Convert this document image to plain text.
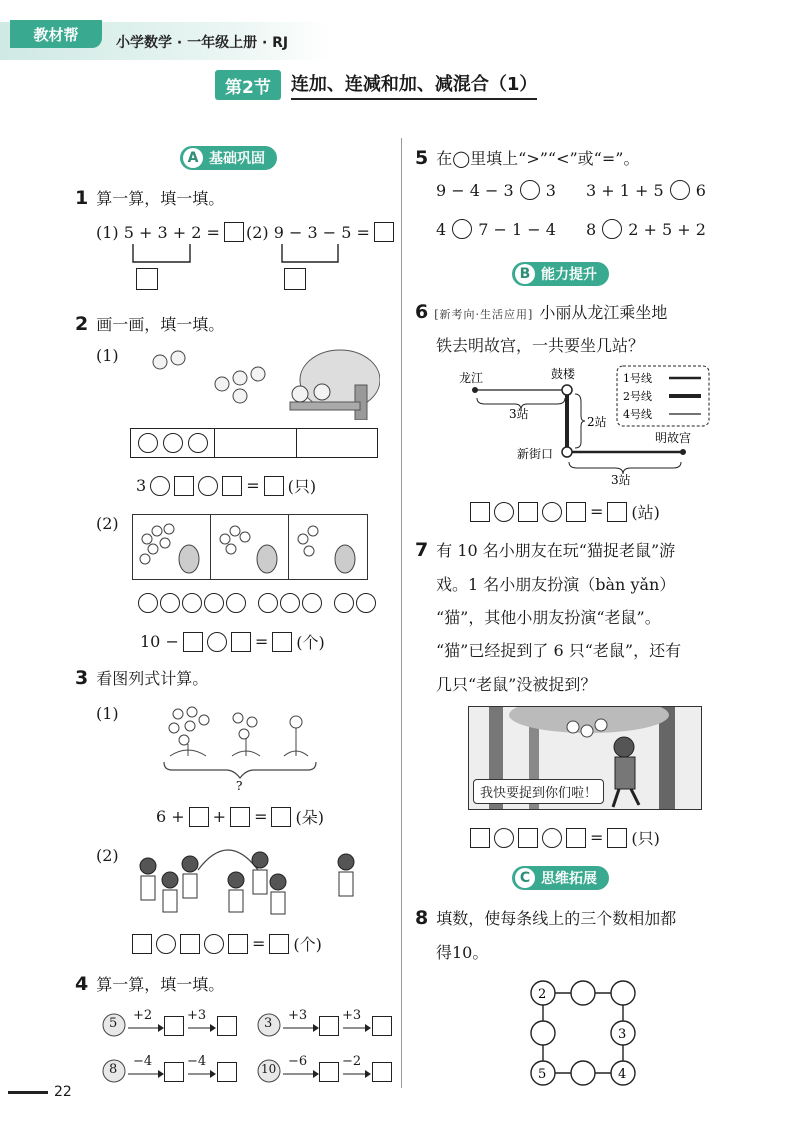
教材帮	小学数学 · 一年级上册 · RJ
第2节	连加、连减和加、减混合（1）
A 基础巩固
1 算一算，填一填。
(1) 5 + 3 + 2 = (2) 9 − 3 − 5 =
2 画一画，填一填。
(1)
3	= (只)
(2)
10 −	= (个)
3 看图列式计算。
(1)
?
6 + + = (朵)
(2)
= (个)
4 算一算，填一填。
5
+2	+3
3
+3	+3
8
−4	−4	10 −6	−2
22
5 在◯里填上“>”“<”或“=”。
9 − 4 − 3 3 3 + 1 + 5 6
4 7 − 1 − 4 8 2 + 5 + 2
B 能力提升
6 [新考向·生活应用] 小丽从龙江乘坐地
铁去明故宫，一共要坐几站？
龙江	鼓楼
新街口
明故宫
3站
2站
3站
1号线
2号线
4号线
= (站)
7 有 10 名小朋友在玩“猫捉老鼠”游
戏。1 名小朋友扮演（bàn yǎn）
“猫”，其他小朋友扮演“老鼠”。
“猫”已经捉到了 6 只“老鼠”，还有
几只“老鼠”没被捉到？
我快要捉到你们啦！
= (只)
C 思维拓展
8 填数，使每条线上的三个数相加都
得10。
2
3
5	4
